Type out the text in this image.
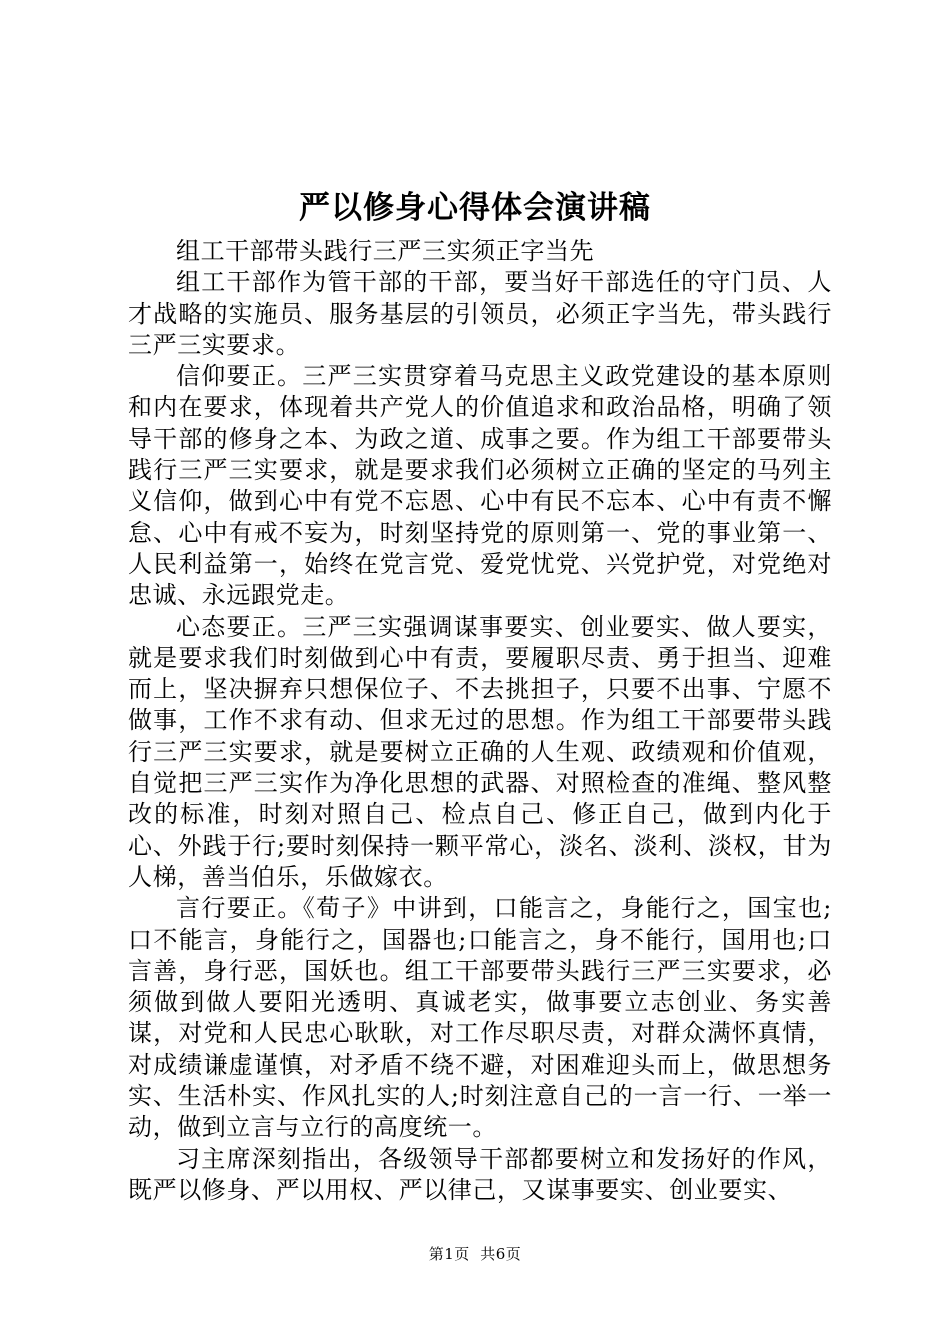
严以修身心得体会演讲稿

组工干部带头践行三严三实须正字当先

组工干部作为管干部的干部，要当好干部选任的守门员、人才战略的实施员、服务基层的引领员，必须正字当先，带头践行三严三实要求。

信仰要正。三严三实贯穿着马克思主义政党建设的基本原则和内在要求，体现着共产党人的价值追求和政治品格，明确了领导干部的修身之本、为政之道、成事之要。作为组工干部要带头践行三严三实要求，就是要求我们必须树立正确的坚定的马列主义信仰，做到心中有党不忘恩、心中有民不忘本、心中有责不懈怠、心中有戒不妄为，时刻坚持党的原则第一、党的事业第一、人民利益第一，始终在党言党、爱党忧党、兴党护党，对党绝对忠诚、永远跟党走。

心态要正。三严三实强调谋事要实、创业要实、做人要实，就是要求我们时刻做到心中有责，要履职尽责、勇于担当、迎难而上，坚决摒弃只想保位子、不去挑担子，只要不出事、宁愿不做事，工作不求有动、但求无过的思想。作为组工干部要带头践行三严三实要求，就是要树立正确的人生观、政绩观和价值观，自觉把三严三实作为净化思想的武器、对照检查的准绳、整风整改的标准，时刻对照自己、检点自己、修正自己，做到内化于心、外践于行;要时刻保持一颗平常心，淡名、淡利、淡权，甘为人梯，善当伯乐，乐做嫁衣。

言行要正。《荀子》中讲到，口能言之，身能行之，国宝也;口不能言，身能行之，国器也;口能言之，身不能行，国用也;口言善，身行恶，国妖也。组工干部要带头践行三严三实要求，必须做到做人要阳光透明、真诚老实，做事要立志创业、务实善谋，对党和人民忠心耿耿，对工作尽职尽责，对群众满怀真情，对成绩谦虚谨慎，对矛盾不绕不避，对困难迎头而上，做思想务实、生活朴实、作风扎实的人;时刻注意自己的一言一行、一举一动，做到立言与立行的高度统一。

习主席深刻指出，各级领导干部都要树立和发扬好的作风，既严以修身、严以用权、严以律己，又谋事要实、创业要实、

第1页  共6页
